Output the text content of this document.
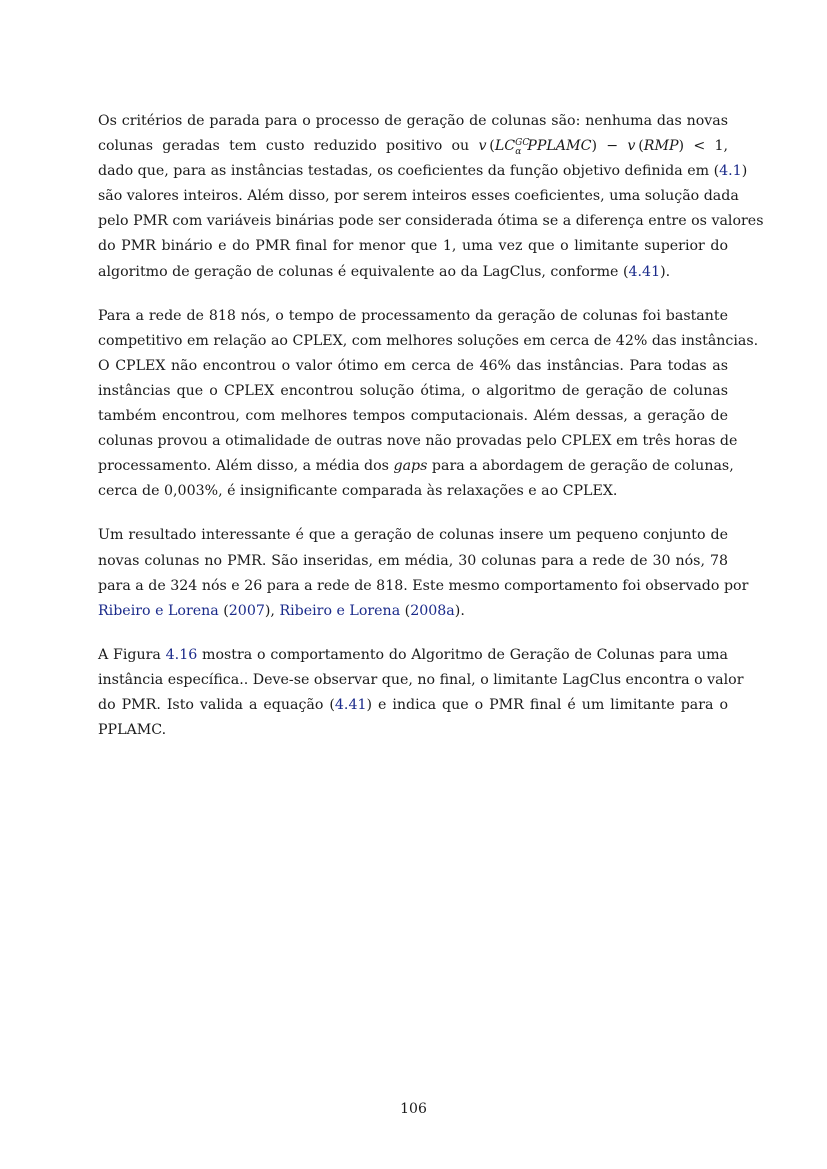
Os critérios de parada para o processo de geração de colunas são: nenhuma das novas
colunas geradas tem custo reduzido positivo ou v ($LC_{GC\alpha}$ PPLAMC) − v (RMP) < 1,
dado que, para as instâncias testadas, os coeficientes da função objetivo definida em (4.1)
são valores inteiros. Além disso, por serem inteiros esses coeficientes, uma solução dada
pelo PMR com variáveis binárias pode ser considerada ótima se a diferença entre os valores
do PMR binário e do PMR final for menor que 1, uma vez que o limitante superior do
algoritmo de geração de colunas é equivalente ao da LagClus, conforme (4.41).

Para a rede de 818 nós, o tempo de processamento da geração de colunas foi bastante
competitivo em relação ao CPLEX, com melhores soluções em cerca de 42% das instâncias.
O CPLEX não encontrou o valor ótimo em cerca de 46% das instâncias. Para todas as
instâncias que o CPLEX encontrou solução ótima, o algoritmo de geração de colunas
também encontrou, com melhores tempos computacionais. Além dessas, a geração de
colunas provou a otimalidade de outras nove não provadas pelo CPLEX em três horas de
processamento. Além disso, a média dos gaps para a abordagem de geração de colunas,
cerca de 0,003%, é insignificante comparada às relaxações e ao CPLEX.

Um resultado interessante é que a geração de colunas insere um pequeno conjunto de
novas colunas no PMR. São inseridas, em média, 30 colunas para a rede de 30 nós, 78
para a de 324 nós e 26 para a rede de 818. Este mesmo comportamento foi observado por
Ribeiro e Lorena (2007), Ribeiro e Lorena (2008a).

A Figura 4.16 mostra o comportamento do Algoritmo de Geração de Colunas para uma
instância específica.. Deve-se observar que, no final, o limitante LagClus encontra o valor
do PMR. Isto valida a equação (4.41) e indica que o PMR final é um limitante para o
PPLAMC.

106
